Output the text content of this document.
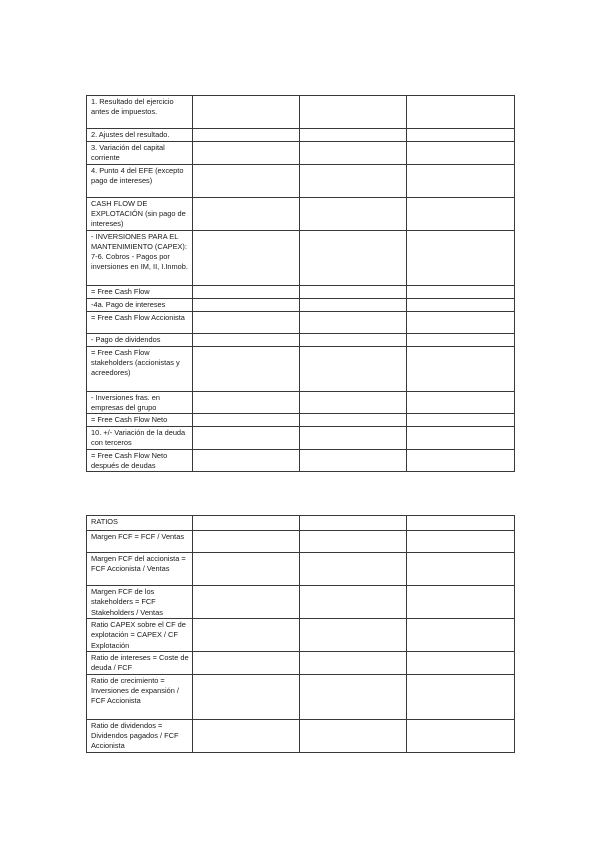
1. Resultado del ejercicio antes de impuestos.			
2. Ajustes del resultado.			
3. Variación del capital corriente			
4. Punto 4 del EFE (excepto pago de intereses)			
CASH FLOW DE EXPLOTACIÓN (sin pago de intereses)			
- INVERSIONES PARA EL MANTENIMIENTO (CAPEX): 7-6. Cobros - Pagos por inversiones en IM, II, I.Inmob.			
= Free Cash Flow			
-4a. Pago de intereses			
= Free Cash Flow Accionista			
- Pago de dividendos			
= Free Cash Flow stakeholders (accionistas y acreedores)			
- Inversiones fras. en empresas del grupo			
= Free Cash Flow Neto			
10. +/- Variación de la deuda con terceros			
= Free Cash Flow Neto después de deudas			
RATIOS			
Margen FCF = FCF / Ventas			
Margen FCF del accionista = FCF Accionista / Ventas			
Margen FCF de los stakeholders = FCF Stakeholders / Ventas			
Ratio CAPEX sobre el CF de explotación = CAPEX / CF Explotación			
Ratio de intereses = Coste de deuda / FCF			
Ratio de crecimiento = Inversiones de expansión / FCF Accionista			
Ratio de dividendos = Dividendos pagados / FCF Accionista			
